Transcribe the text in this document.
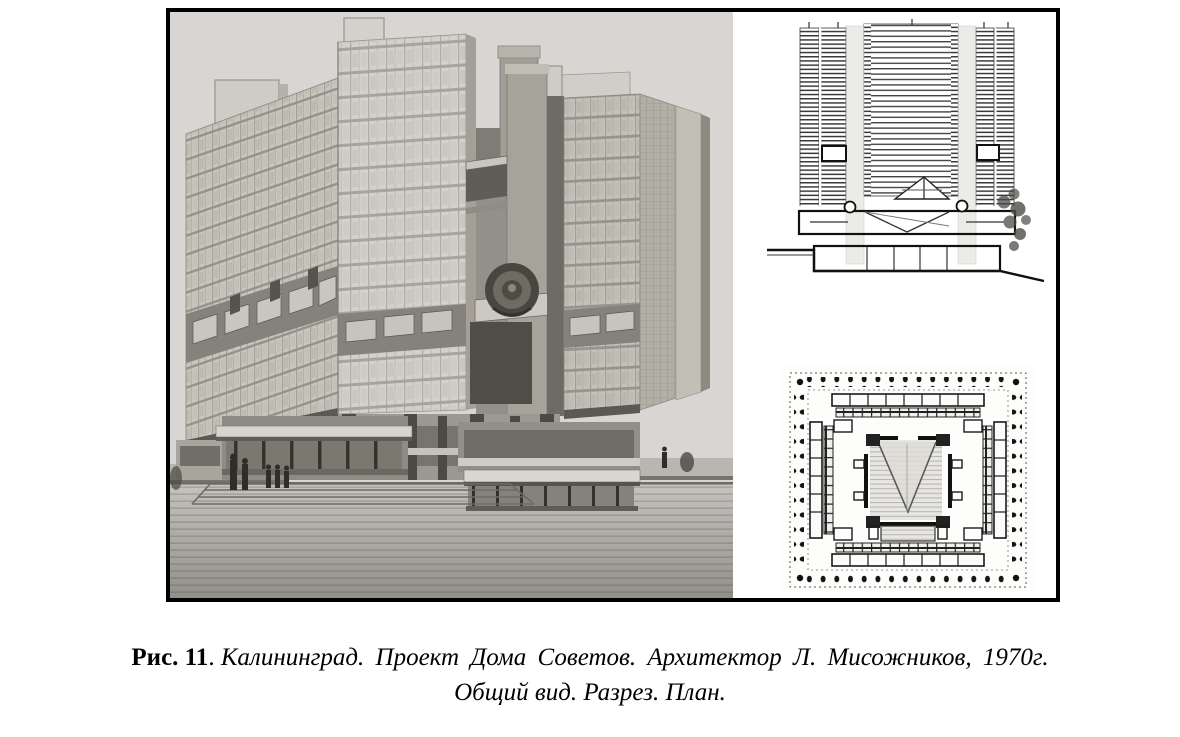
Рис. 11. Калининград. Проект Дома Советов. Архитектор Л. Мисожников, 1970г.
Общий вид. Разрез. План.
